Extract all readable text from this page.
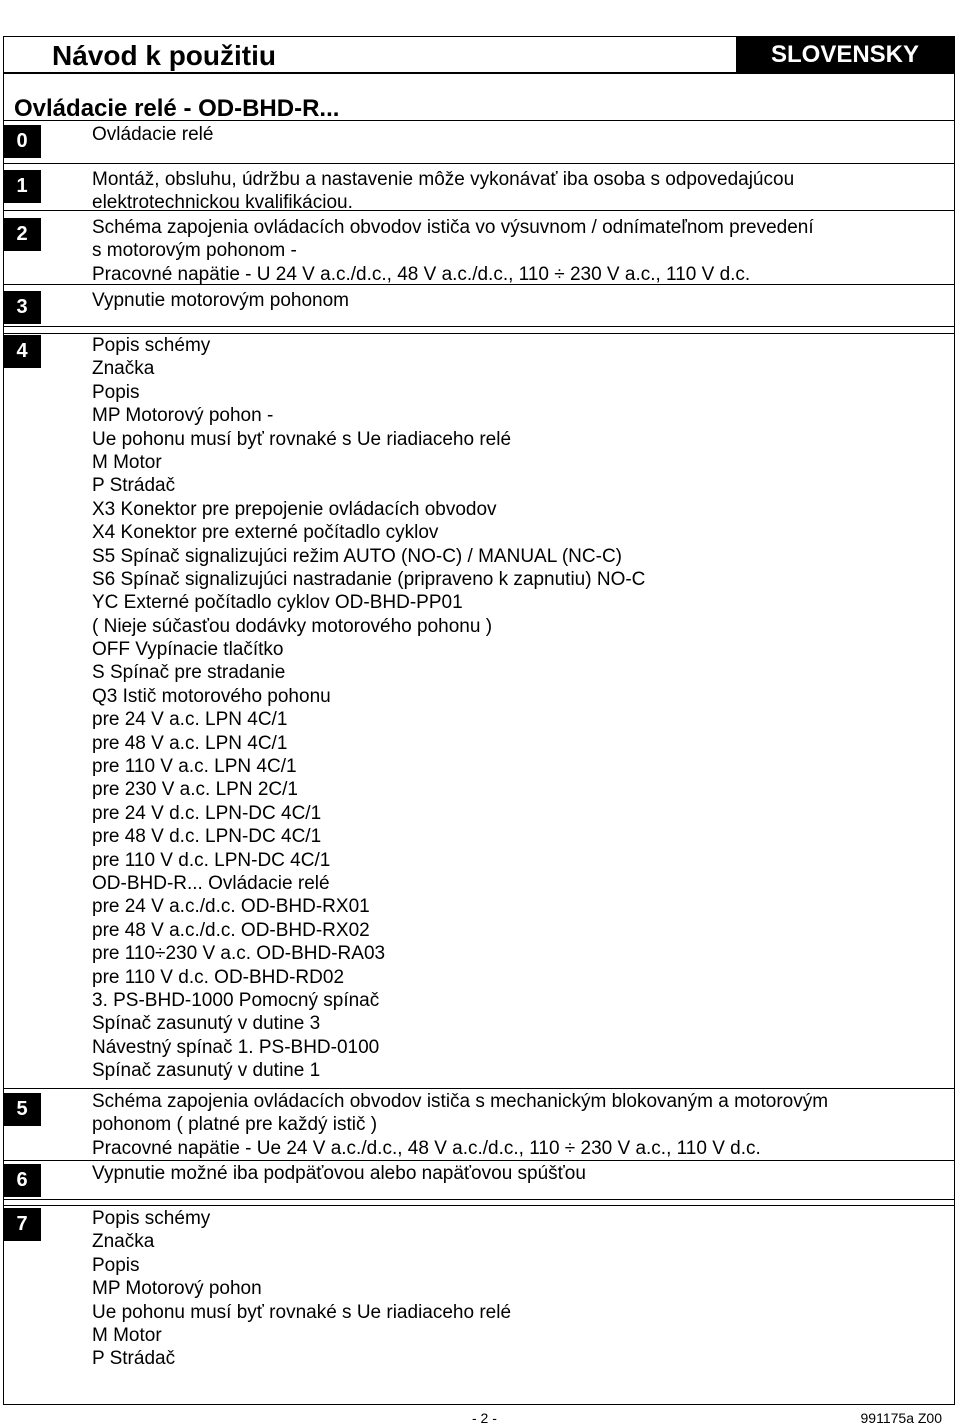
Návod k použitiu	SLOVENSKY
Ovládacie relé - OD-BHD-R...
0	Ovládacie relé
1	Montáž, obsluhu, údržbu a nastavenie môže vykonávať iba osoba s odpovedajúcou
elektrotechnickou kvalifikáciou.
2	Schéma zapojenia ovládacích obvodov ističa vo výsuvnom / odnímateľnom prevedení
s motorovým pohonom -
Pracovné napätie - U 24 V a.c./d.c., 48 V a.c./d.c., 110 ÷ 230 V a.c., 110 V d.c.
3	Vypnutie motorovým pohonom
4	Popis schémy
Značka
Popis
MP Motorový pohon -
Ue pohonu musí byť rovnaké s Ue riadiaceho relé
M Motor
P Strádač
X3 Konektor pre prepojenie ovládacích obvodov
X4 Konektor pre externé počítadlo cyklov
S5 Spínač signalizujúci režim AUTO (NO-C) / MANUAL (NC-C)
S6 Spínač signalizujúci nastradanie (pripraveno k zapnutiu) NO-C
YC Externé počítadlo cyklov OD-BHD-PP01
( Nieje súčasťou dodávky motorového pohonu )
OFF Vypínacie tlačítko
S Spínač pre stradanie
Q3 Istič motorového pohonu
pre 24 V a.c. LPN 4C/1
pre 48 V a.c. LPN 4C/1
pre 110 V a.c. LPN 4C/1
pre 230 V a.c. LPN 2C/1
pre 24 V d.c. LPN-DC 4C/1
pre 48 V d.c. LPN-DC 4C/1
pre 110 V d.c. LPN-DC 4C/1
OD-BHD-R... Ovládacie relé
pre 24 V a.c./d.c. OD-BHD-RX01
pre 48 V a.c./d.c. OD-BHD-RX02
pre 110÷230 V a.c. OD-BHD-RA03
pre 110 V d.c. OD-BHD-RD02
3. PS-BHD-1000 Pomocný spínač
Spínač zasunutý v dutine 3
Návestný spínač 1. PS-BHD-0100
Spínač zasunutý v dutine 1
5	Schéma zapojenia ovládacích obvodov ističa s mechanickým blokovaným a motorovým
pohonom ( platné pre každý istič )
Pracovné napätie - Ue 24 V a.c./d.c., 48 V a.c./d.c., 110 ÷ 230 V a.c., 110 V d.c.
6	Vypnutie možné iba podpäťovou alebo napäťovou spúšťou
7	Popis schémy
Značka
Popis
MP Motorový pohon
Ue pohonu musí byť rovnaké s Ue riadiaceho relé
M Motor
P Strádač
- 2 -	991175a Z00
